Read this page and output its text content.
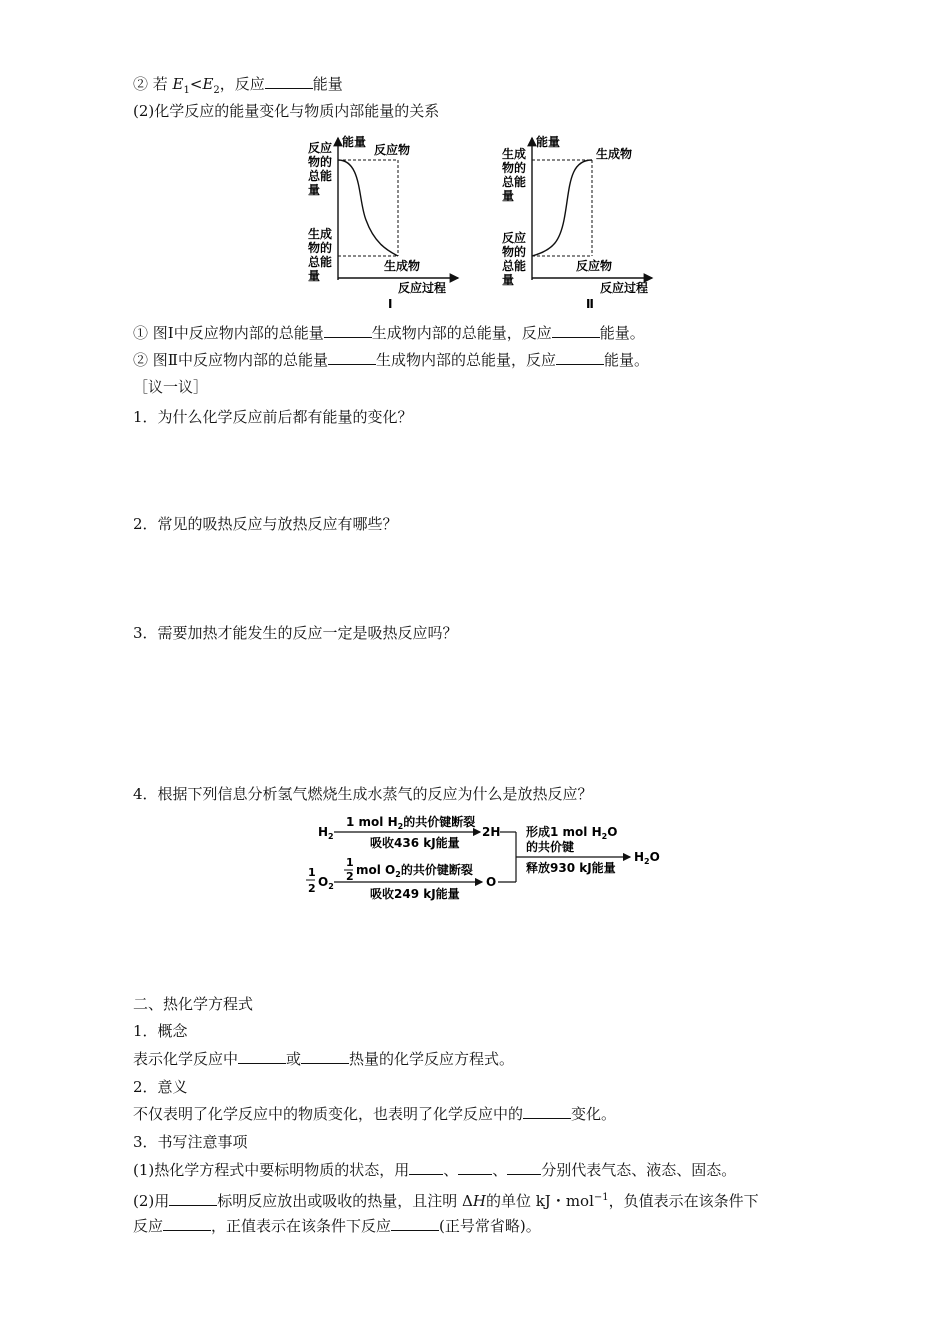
② 若 $E_1<E_2$，反应	能量
(2)化学反应的能量变化与物质内部能量的关系
能量
反应物
生成物
反应过程
反应
物的
总能
量
生成
物的
总能
量
Ⅰ
能量
生成物
反应物
反应过程
生成
物的
总能
量
反应
物的
总能
量
Ⅱ
① 图Ⅰ中反应物内部的总能量	生成物内部的总能量，反应	能量。
② 图Ⅱ中反应物内部的总能量	生成物内部的总能量，反应	能量。
［议一议］
1．为什么化学反应前后都有能量的变化？
2．常见的吸热反应与放热反应有哪些？
3．需要加热才能发生的反应一定是吸热反应吗？
4．根据下列信息分析氢气燃烧生成水蒸气的反应为什么是放热反应？
$H_2$
1 mol $H_2$的共价键断裂
吸收436 kJ能量
2H
1
2 $O_2$
1
2 mol $O_2$的共价键断裂
吸收249 kJ能量
O
形成1 mol $H_2O$
的共价键
释放930 kJ能量
$H_2O$
二、热化学方程式
1．概念
表示化学反应中	或	热量的化学反应方程式。
2．意义
不仅表明了化学反应中的物质变化，也表明了化学反应中的	变化。
3．书写注意事项
(1)热化学方程式中要标明物质的状态，用 、 、 分别代表气态、液态、固态。
(2)用	标明反应放出或吸收的热量，且注明 ΔH的单位 kJ・mol$^{-1}$，负值表示在该条件下
反应	，正值表示在该条件下反应	(正号常省略)。
